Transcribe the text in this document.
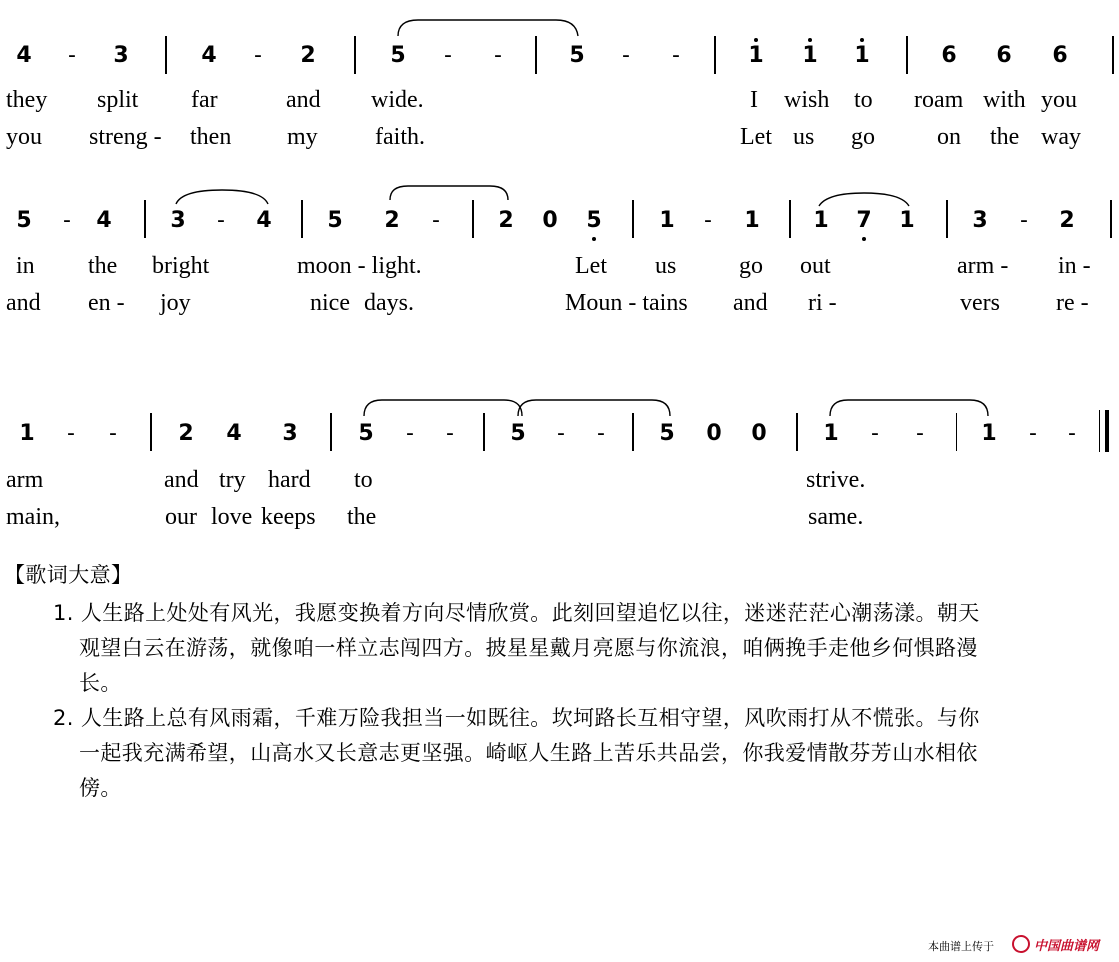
4	-	3	4	-	2	5	-	-	5	-	-	1 1 1	6 6 6
they split far	and wide.	I wish to roam with you
you streng - then my faith.	Let us go	on the way
5	-	4	3	-	4	5 2	-	2 0 5	1	-	1 1 7 1	3	-	2
in the bright	moon - light.	Let us	go out	arm - in -
and en - joy	nice days.	Moun - tains and ri -	vers re -
1	-	-	2 4 3	5	-	-	5	-	-	5 0 0	1	-	-	1	-	-
arm	and try hard to	strive.
main,	our love keeps the	same.
【歌词大意】
1. 人生路上处处有风光，我愿变换着方向尽情欣赏。此刻回望追忆以往，迷迷茫茫心潮荡漾。朝天
观望白云在游荡，就像咱一样立志闯四方。披星星戴月亮愿与你流浪，咱俩挽手走他乡何惧路漫
长。
2. 人生路上总有风雨霜，千难万险我担当一如既往。坎坷路长互相守望，风吹雨打从不慌张。与你
一起我充满希望，山高水又长意志更坚强。崎岖人生路上苦乐共品尝，你我爱情散芬芳山水相依
傍。
本曲谱上传于	中国曲谱网
